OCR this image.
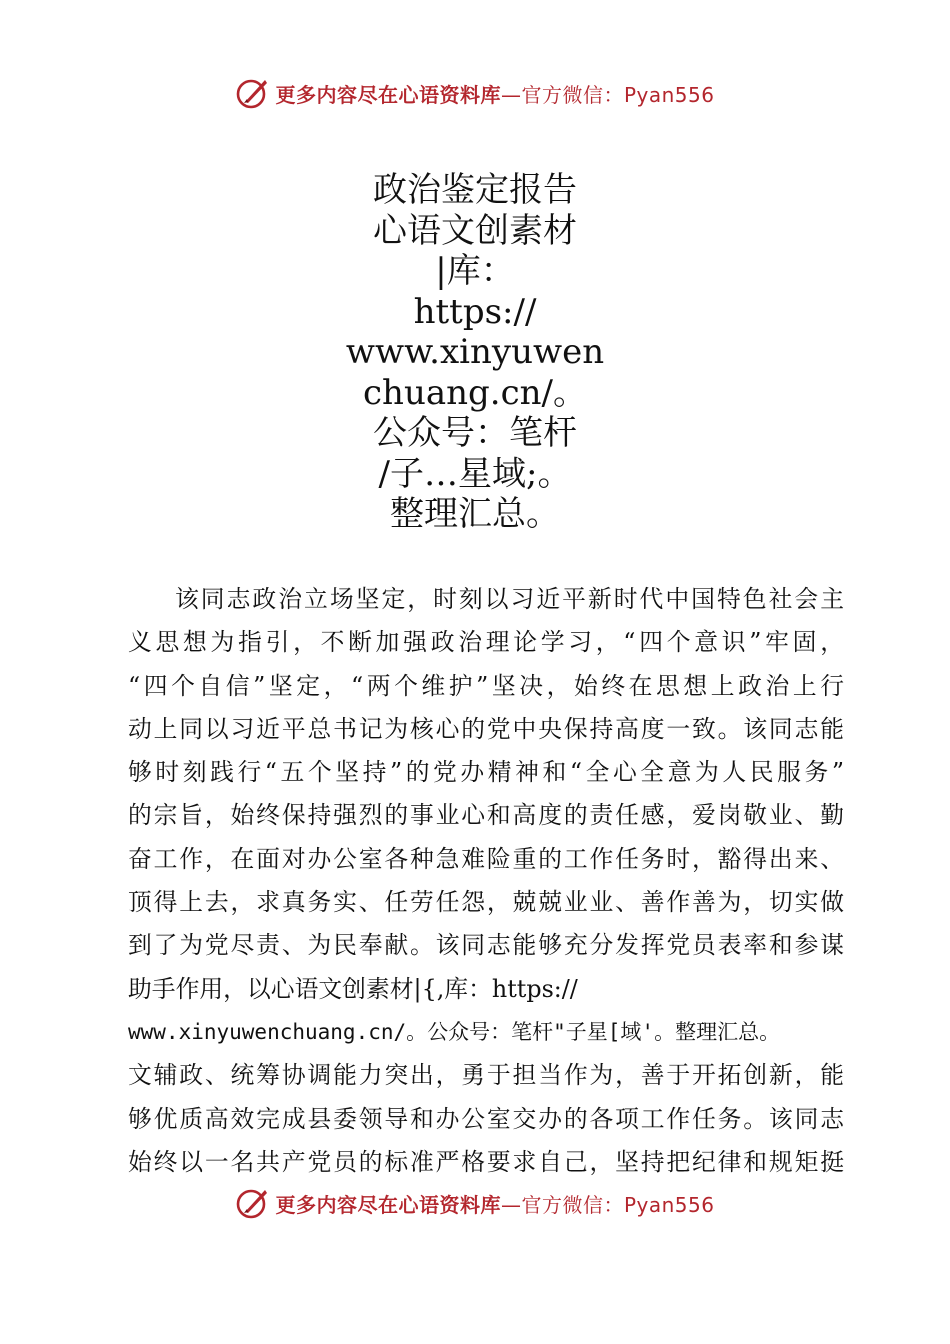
更多内容尽在心语资料库 —官方微信：Pyan556
政治鉴定报告
心语文创素材
|库：
https://
www.xinyuwen
chuang.cn/。
公众号：笔杆
/子…星域;。
整理汇总。
该同志政治立场坚定，时刻以习近平新时代中国特色社会主
义思想为指引，不断加强政治理论学习，“四个意识”牢固，
“四个自信”坚定，“两个维护”坚决，始终在思想上政治上行
动上同以习近平总书记为核心的党中央保持高度一致。该同志能
够时刻践行“五个坚持”的党办精神和“全心全意为人民服务”
的宗旨，始终保持强烈的事业心和高度的责任感，爱岗敬业、勤
奋工作，在面对办公室各种急难险重的工作任务时，豁得出来、
顶得上去，求真务实、任劳任怨，兢兢业业、善作善为，切实做
到了为党尽责、为民奉献。该同志能够充分发挥党员表率和参谋
助手作用，以心语文创素材|{,库：https://
www.xinyuwenchuang.cn/。公众号：笔杆"子星[域'。整理汇总。
文辅政、统筹协调能力突出，勇于担当作为，善于开拓创新，能
够优质高效完成县委领导和办公室交办的各项工作任务。该同志
始终以一名共产党员的标准严格要求自己，坚持把纪律和规矩挺
更多内容尽在心语资料库 —官方微信：Pyan556
